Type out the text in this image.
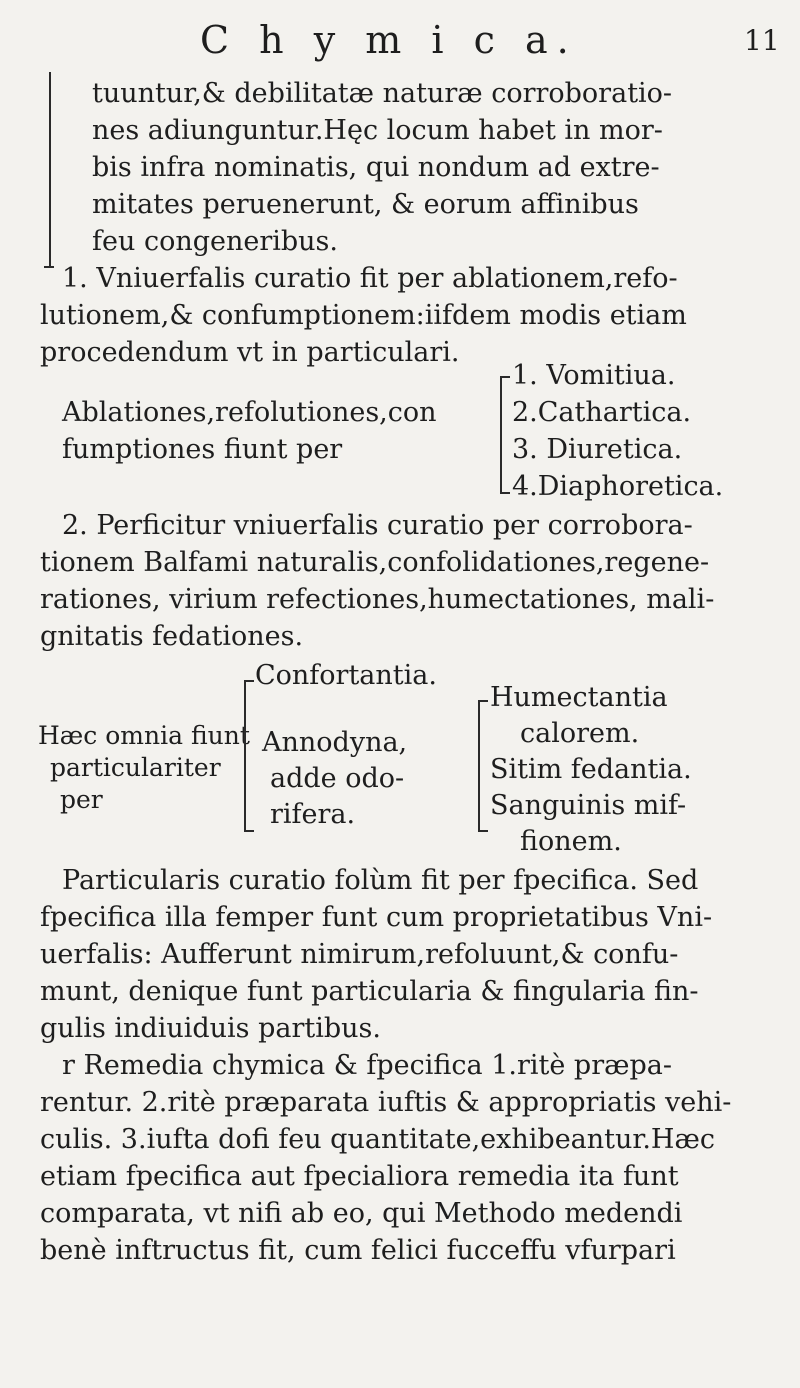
C h y m i c a.	11
tuuntur,& debilitatæ naturæ corroboratio-
nes adiunguntur.Hęc locum habet in mor-
bis infra nominatis, qui nondum ad extre-
mitates peruenerunt, & eorum affinibus
feu congeneribus.
1. Vniuerfalis curatio fit per ablationem,refo-
lutionem,& confumptionem:iifdem modis etiam
procedendum vt in particulari.
Ablationes,refolutiones,con
fumptiones fiunt per
1. Vomitiua.
2.Cathartica.
3. Diuretica.
4.Diaphoretica.
2. Perficitur vniuerfalis curatio per corrobora-
tionem Balfami naturalis,confolidationes,regene-
rationes, virium refectiones,humectationes, mali-
gnitatis fedationes.
Confortantia.
Hæc omnia fiunt
particulariter
per
Annodyna,
adde odo-
rifera.
Humectantia
calorem.
Sitim fedantia.
Sanguinis mif-
fionem.
Particularis curatio folùm fit per fpecifica. Sed
fpecifica illa femper funt cum proprietatibus Vni-
uerfalis: Aufferunt nimirum,refoluunt,& confu-
munt, denique funt particularia & fingularia fin-
gulis indiuiduis partibus.
r Remedia chymica & fpecifica 1.ritè præpa-
rentur. 2.ritè præparata iuftis & appropriatis vehi-
culis. 3.iufta dofi feu quantitate,exhibeantur.Hæc
etiam fpecifica aut fpecialiora remedia ita funt
comparata, vt nifi ab eo, qui Methodo medendi
benè inftructus fit, cum felici fucceffu vfurpari
